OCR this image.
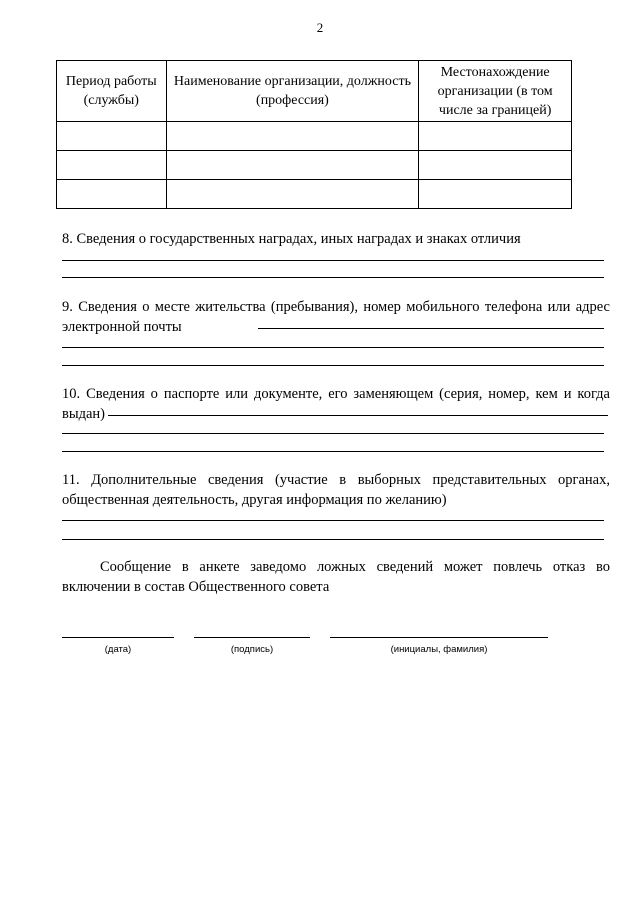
2
Период работы (службы)	Наименование организации, должность (профессия)	Местонахождение организации (в том числе за границей)

8. Сведения о государственных наградах, иных наградах и знаках отличия
9. Сведения о месте жительства (пребывания), номер мобильного телефона или адрес электронной почты
10. Сведения о паспорте или документе, его заменяющем (серия, номер, кем и когда выдан)
11. Дополнительные сведения (участие в выборных представительных органах, общественная деятельность, другая информация по желанию)
Сообщение в анкете заведомо ложных сведений может повлечь отказ во включении в состав Общественного совета
(дата)	(подпись)	(инициалы, фамилия)
